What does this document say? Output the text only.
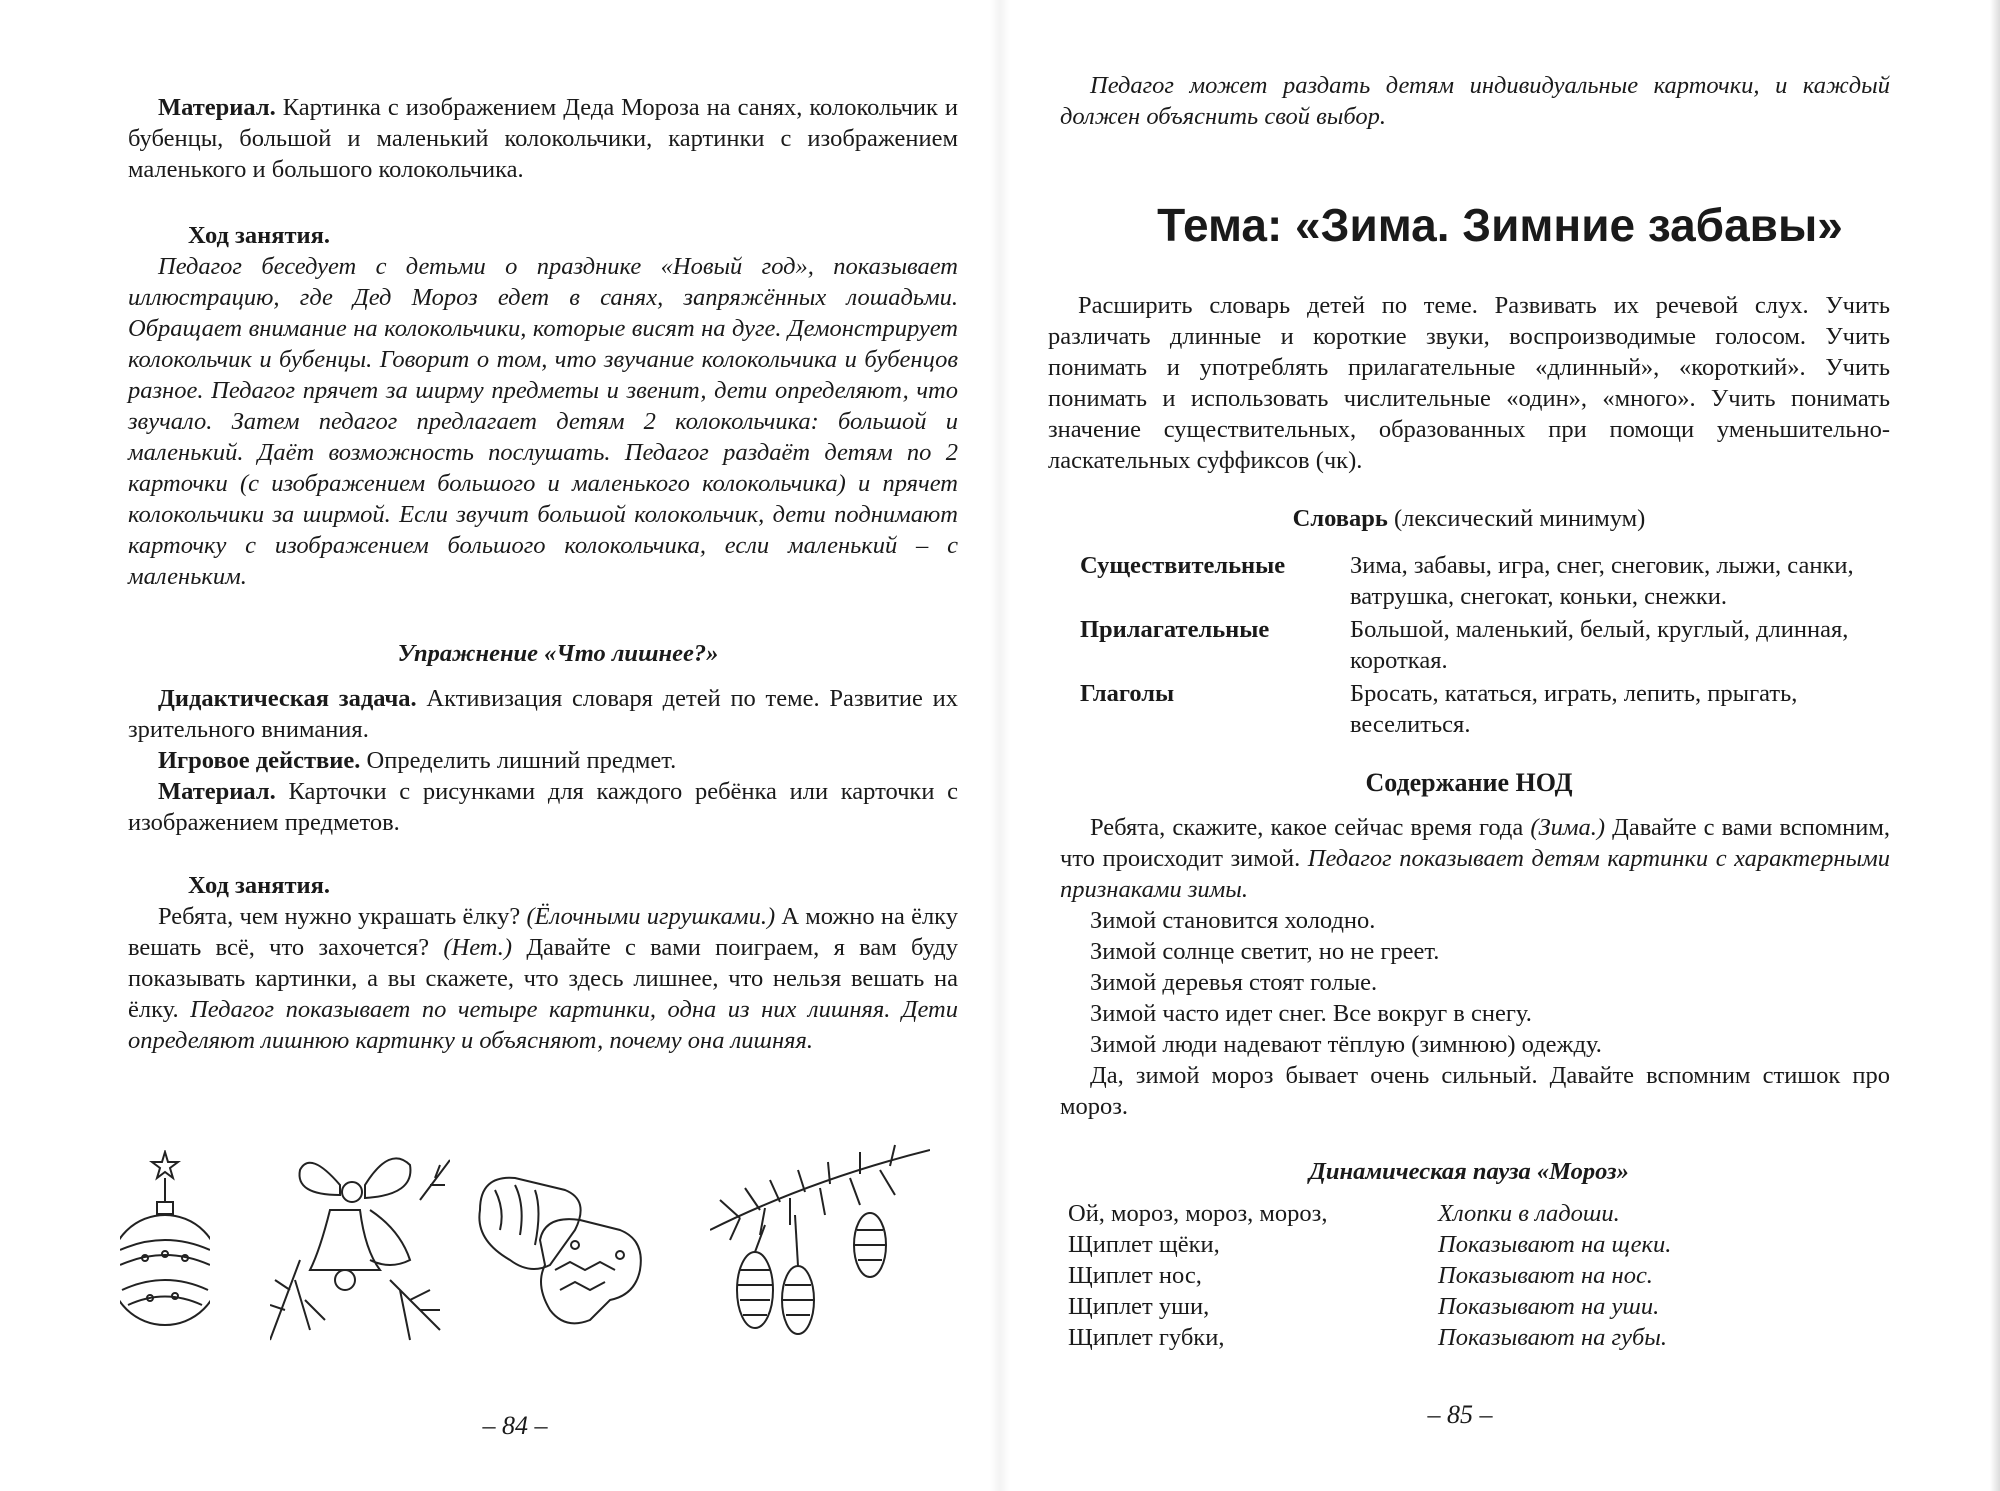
Материал. Картинка с изображением Деда Мороза на санях, колокольчик и бубенцы, большой и маленький колокольчики, картинки с изображением маленького и большого колокольчика.

Ход занятия.

Педагог беседует с детьми о празднике «Новый год», показывает иллюстрацию, где Дед Мороз едет в санях, запряжённых лошадьми. Обращает внимание на колокольчики, которые висят на дуге. Демонстрирует колокольчик и бубенцы. Говорит о том, что звучание колокольчика и бубенцов разное. Педагог прячет за ширму предметы и звенит, дети определяют, что звучало. Затем педагог предлагает детям 2 колокольчика: большой и маленький. Даёт возможность послушать. Педагог раздаёт детям по 2 карточки (с изображением большого и маленького колокольчика) и прячет колокольчики за ширмой. Если звучит большой колокольчик, дети поднимают карточку с изображением большого колокольчика, если маленький – с маленьким.

Упражнение «Что лишнее?»

Дидактическая задача. Активизация словаря детей по теме. Развитие их зрительного внимания.

Игровое действие. Определить лишний предмет.

Материал. Карточки с рисунками для каждого ребёнка или карточки с изображением предметов.

Ход занятия.

Ребята, чем нужно украшать ёлку? (Ёлочными игрушками.) А можно на ёлку вешать всё, что захочется? (Нет.) Давайте с вами поиграем, я вам буду показывать картинки, а вы скажете, что здесь лишнее, что нельзя вешать на ёлку. Педагог показывает по четыре картинки, одна из них лишняя. Дети определяют лишнюю картинку и объясняют, почему она лишняя.

– 84 –

Педагог может раздать детям индивидуальные карточки, и каждый должен объяснить свой выбор.

Тема: «Зима. Зимние забавы»

Расширить словарь детей по теме. Развивать их речевой слух. Учить различать длинные и короткие звуки, воспроизводимые голосом. Учить понимать и употреблять прилагательные «длинный», «короткий». Учить понимать и использовать числительные «один», «много». Учить понимать значение существительных, образованных при помощи уменьшительно-ласкательных суффиксов (чк).

Словарь (лексический минимум)
Существительные	Зима, забавы, игра, снег, снеговик, лыжи, санки, ватрушка, снегокат, коньки, снежки.
Прилагательные	Большой, маленький, белый, круглый, длинная, короткая.
Глаголы	Бросать, кататься, играть, лепить, прыгать, веселиться.
Содержание НОД

Ребята, скажите, какое сейчас время года (Зима.) Давайте с вами вспомним, что происходит зимой. Педагог показывает детям картинки с характерными признаками зимы.

Зимой становится холодно.

Зимой солнце светит, но не греет.

Зимой деревья стоят голые.

Зимой часто идет снег. Все вокруг в снегу.

Зимой люди надевают тёплую (зимнюю) одежду.

Да, зимой мороз бывает очень сильный. Давайте вспомним стишок про мороз.

Динамическая пауза «Мороз»
Ой, мороз, мороз, мороз,	Хлопки в ладоши.
Щиплет щёки,	Показывают на щеки.
Щиплет нос,	Показывают на нос.
Щиплет уши,	Показывают на уши.
Щиплет губки,	Показывают на губы.
– 85 –
